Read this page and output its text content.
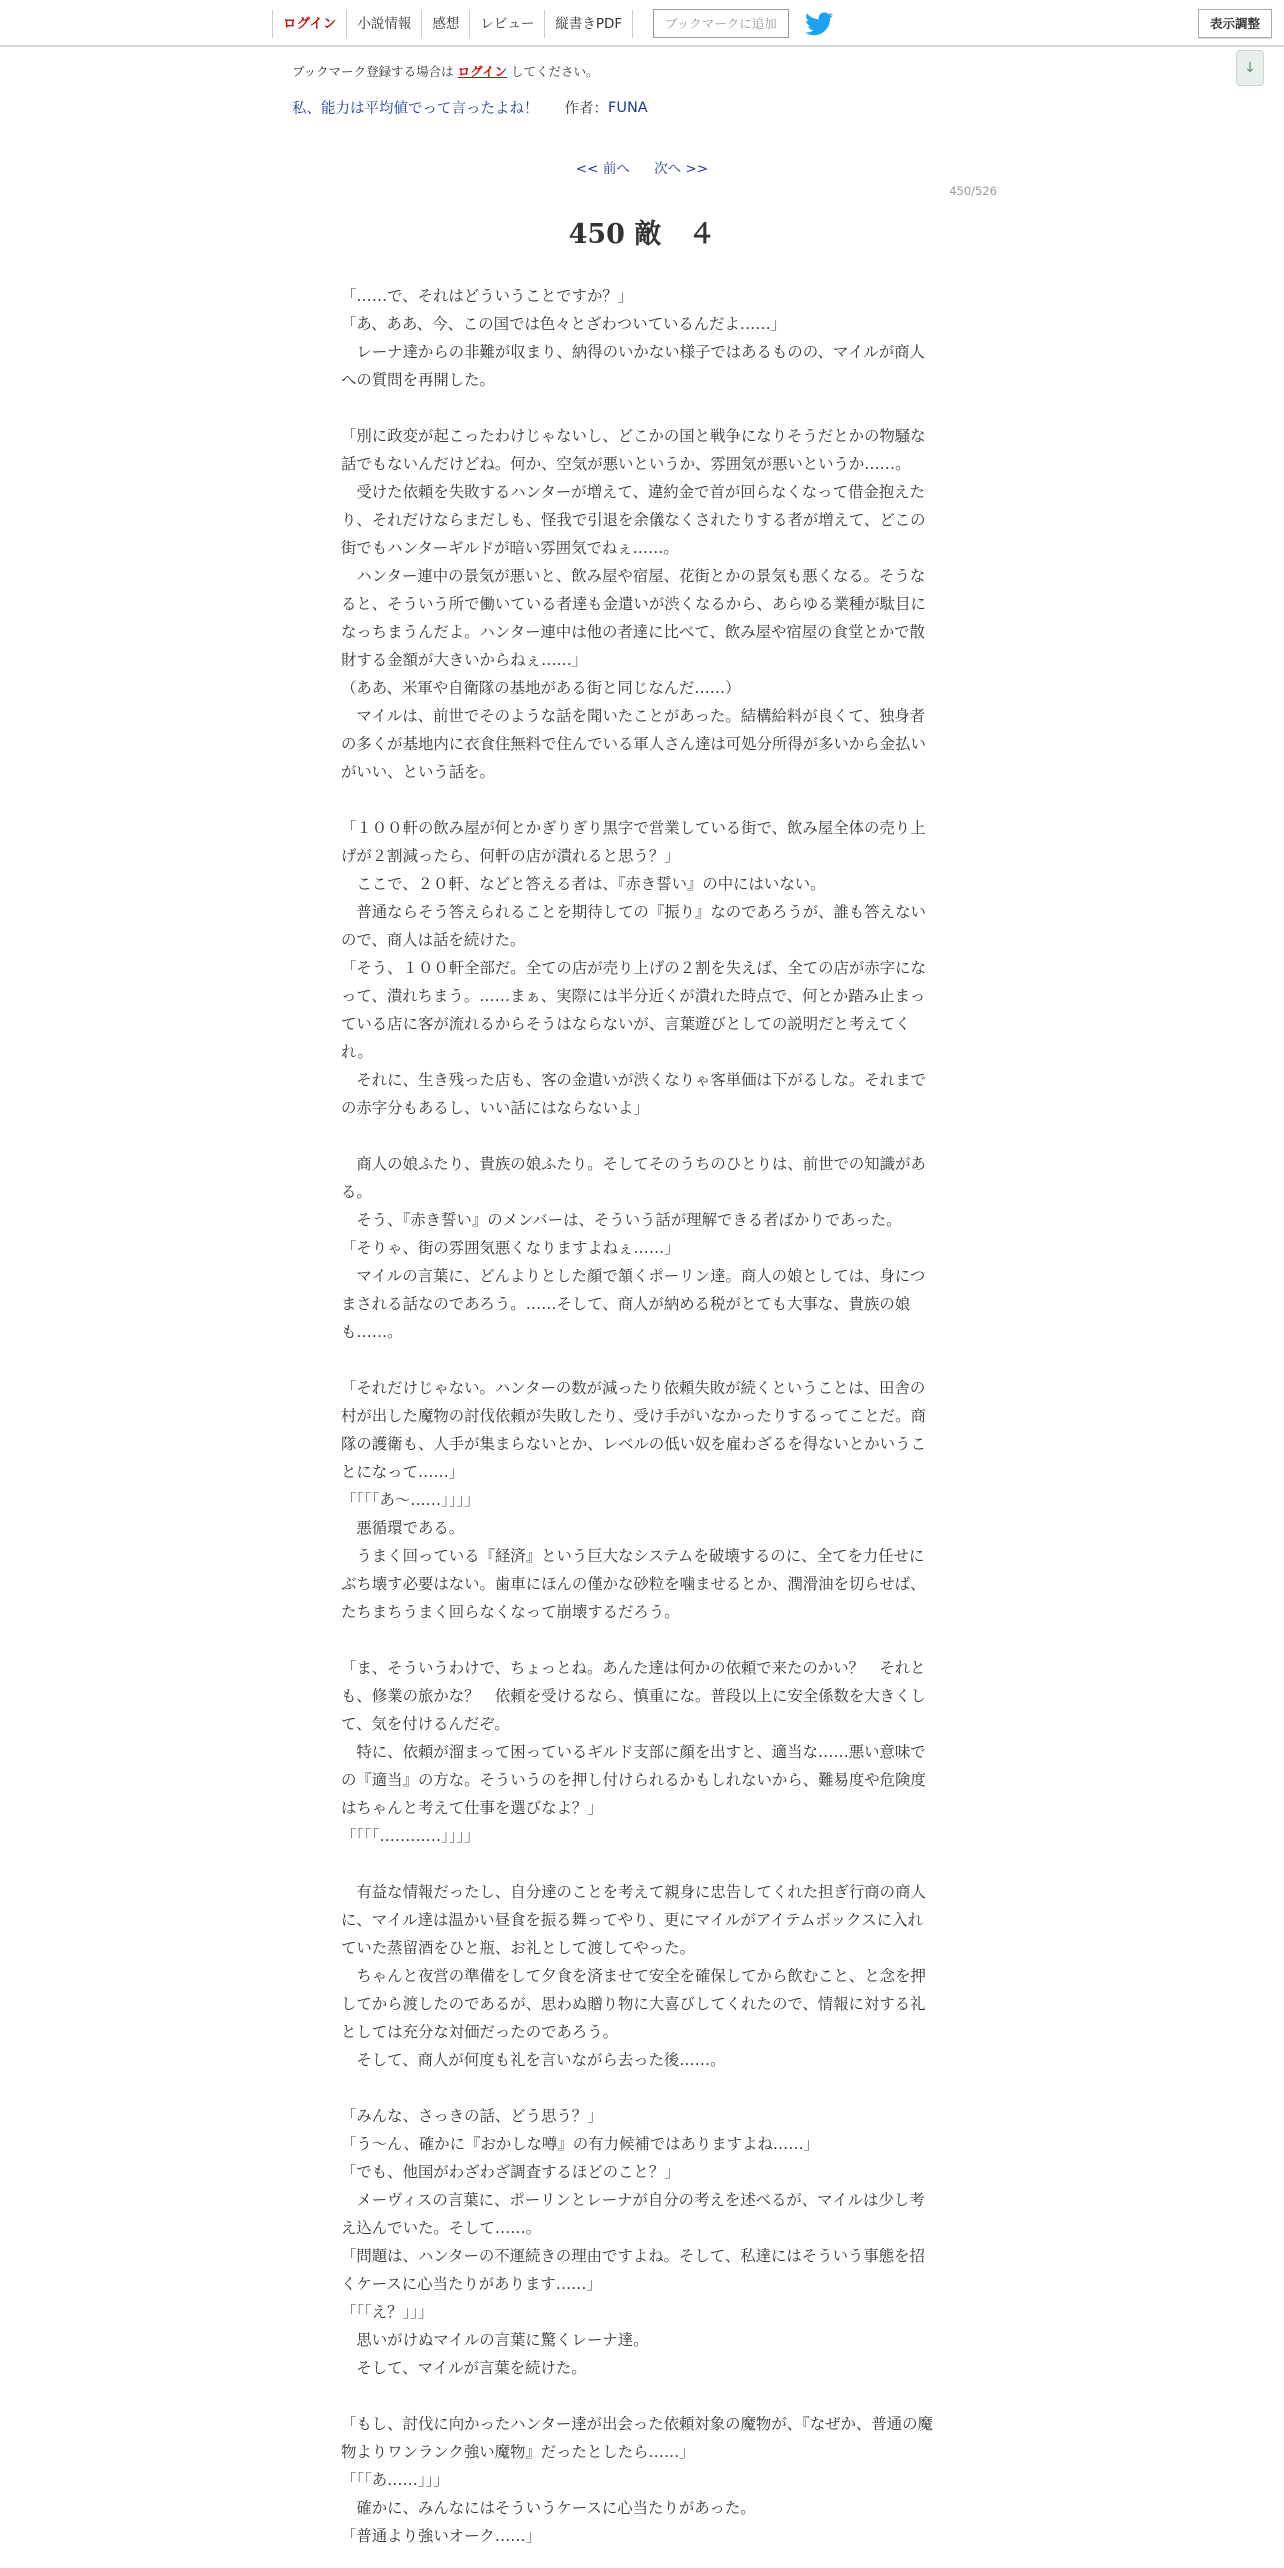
ログイン	小説情報	感想	レビュー	縦書きPDF	ブックマークに追加	表示調整
↓
ブックマーク登録する場合は ログイン してください。
私、能力は平均値でって言ったよね！ 作者： FUNA
<< 前へ 次へ >>
450/526
450 敵　４

「……で、それはどういうことですか？」

「あ、ああ、今、この国では色々とざわついているんだよ……」

　レーナ達からの非難が収まり、納得のいかない様子ではあるものの、マイルが商人への質問を再開した。

「別に政変が起こったわけじゃないし、どこかの国と戦争になりそうだとかの物騒な話でもないんだけどね。何か、空気が悪いというか、雰囲気が悪いというか……。

　受けた依頼を失敗するハンターが増えて、違約金で首が回らなくなって借金抱えたり、それだけならまだしも、怪我で引退を余儀なくされたりする者が増えて、どこの街でもハンターギルドが暗い雰囲気でねぇ……。

　ハンター連中の景気が悪いと、飲み屋や宿屋、花街とかの景気も悪くなる。そうなると、そういう所で働いている者達も金遣いが渋くなるから、あらゆる業種が駄目になっちまうんだよ。ハンター連中は他の者達に比べて、飲み屋や宿屋の食堂とかで散財する金額が大きいからねぇ……」

（ああ、米軍や自衛隊の基地がある街と同じなんだ……）

　マイルは、前世でそのような話を聞いたことがあった。結構給料が良くて、独身者の多くが基地内に衣食住無料で住んでいる軍人さん達は可処分所得が多いから金払いがいい、という話を。

「１００軒の飲み屋が何とかぎりぎり黒字で営業している街で、飲み屋全体の売り上げが２割減ったら、何軒の店が潰れると思う？」

　ここで、２０軒、などと答える者は、『赤き誓い』の中にはいない。

　普通ならそう答えられることを期待しての『振り』なのであろうが、誰も答えないので、商人は話を続けた。

「そう、１００軒全部だ。全ての店が売り上げの２割を失えば、全ての店が赤字になって、潰れちまう。……まぁ、実際には半分近くが潰れた時点で、何とか踏み止まっている店に客が流れるからそうはならないが、言葉遊びとしての説明だと考えてくれ。

　それに、生き残った店も、客の金遣いが渋くなりゃ客単価は下がるしな。それまでの赤字分もあるし、いい話にはならないよ」

　商人の娘ふたり、貴族の娘ふたり。そしてそのうちのひとりは、前世での知識がある。

　そう、『赤き誓い』のメンバーは、そういう話が理解できる者ばかりであった。

「そりゃ、街の雰囲気悪くなりますよねぇ……」

　マイルの言葉に、どんよりとした顔で頷くポーリン達。商人の娘としては、身につまされる話なのであろう。……そして、商人が納める税がとても大事な、貴族の娘も……。

「それだけじゃない。ハンターの数が減ったり依頼失敗が続くということは、田舎の村が出した魔物の討伐依頼が失敗したり、受け手がいなかったりするってことだ。商隊の護衛も、人手が集まらないとか、レベルの低い奴を雇わざるを得ないとかいうことになって……」

「「「「あ～……」」」」

　悪循環である。

　うまく回っている『経済』という巨大なシステムを破壊するのに、全てを力任せにぶち壊す必要はない。歯車にほんの僅かな砂粒を噛ませるとか、潤滑油を切らせば、たちまちうまく回らなくなって崩壊するだろう。

「ま、そういうわけで、ちょっとね。あんた達は何かの依頼で来たのかい？　それとも、修業の旅かな？　依頼を受けるなら、慎重にな。普段以上に安全係数を大きくして、気を付けるんだぞ。

　特に、依頼が溜まって困っているギルド支部に顔を出すと、適当な……悪い意味での『適当』の方な。そういうのを押し付けられるかもしれないから、難易度や危険度はちゃんと考えて仕事を選びなよ？」

「「「「…………」」」」

　有益な情報だったし、自分達のことを考えて親身に忠告してくれた担ぎ行商の商人に、マイル達は温かい昼食を振る舞ってやり、更にマイルがアイテムボックスに入れていた蒸留酒をひと瓶、お礼として渡してやった。

　ちゃんと夜営の準備をして夕食を済ませて安全を確保してから飲むこと、と念を押してから渡したのであるが、思わぬ贈り物に大喜びしてくれたので、情報に対する礼としては充分な対価だったのであろう。

　そして、商人が何度も礼を言いながら去った後……。

「みんな、さっきの話、どう思う？」

「う～ん、確かに『おかしな噂』の有力候補ではありますよね……」

「でも、他国がわざわざ調査するほどのこと？」

　メーヴィスの言葉に、ポーリンとレーナが自分の考えを述べるが、マイルは少し考え込んでいた。そして……。

「問題は、ハンターの不運続きの理由ですよね。そして、私達にはそういう事態を招くケースに心当たりがあります……」

「「「え？」」」

　思いがけぬマイルの言葉に驚くレーナ達。

　そして、マイルが言葉を続けた。

「もし、討伐に向かったハンター達が出会った依頼対象の魔物が、『なぜか、普通の魔物よりワンランク強い魔物』だったとしたら……」

「「「あ……」」」

　確かに、みんなにはそういうケースに心当たりがあった。

「普通より強いオーク……」
